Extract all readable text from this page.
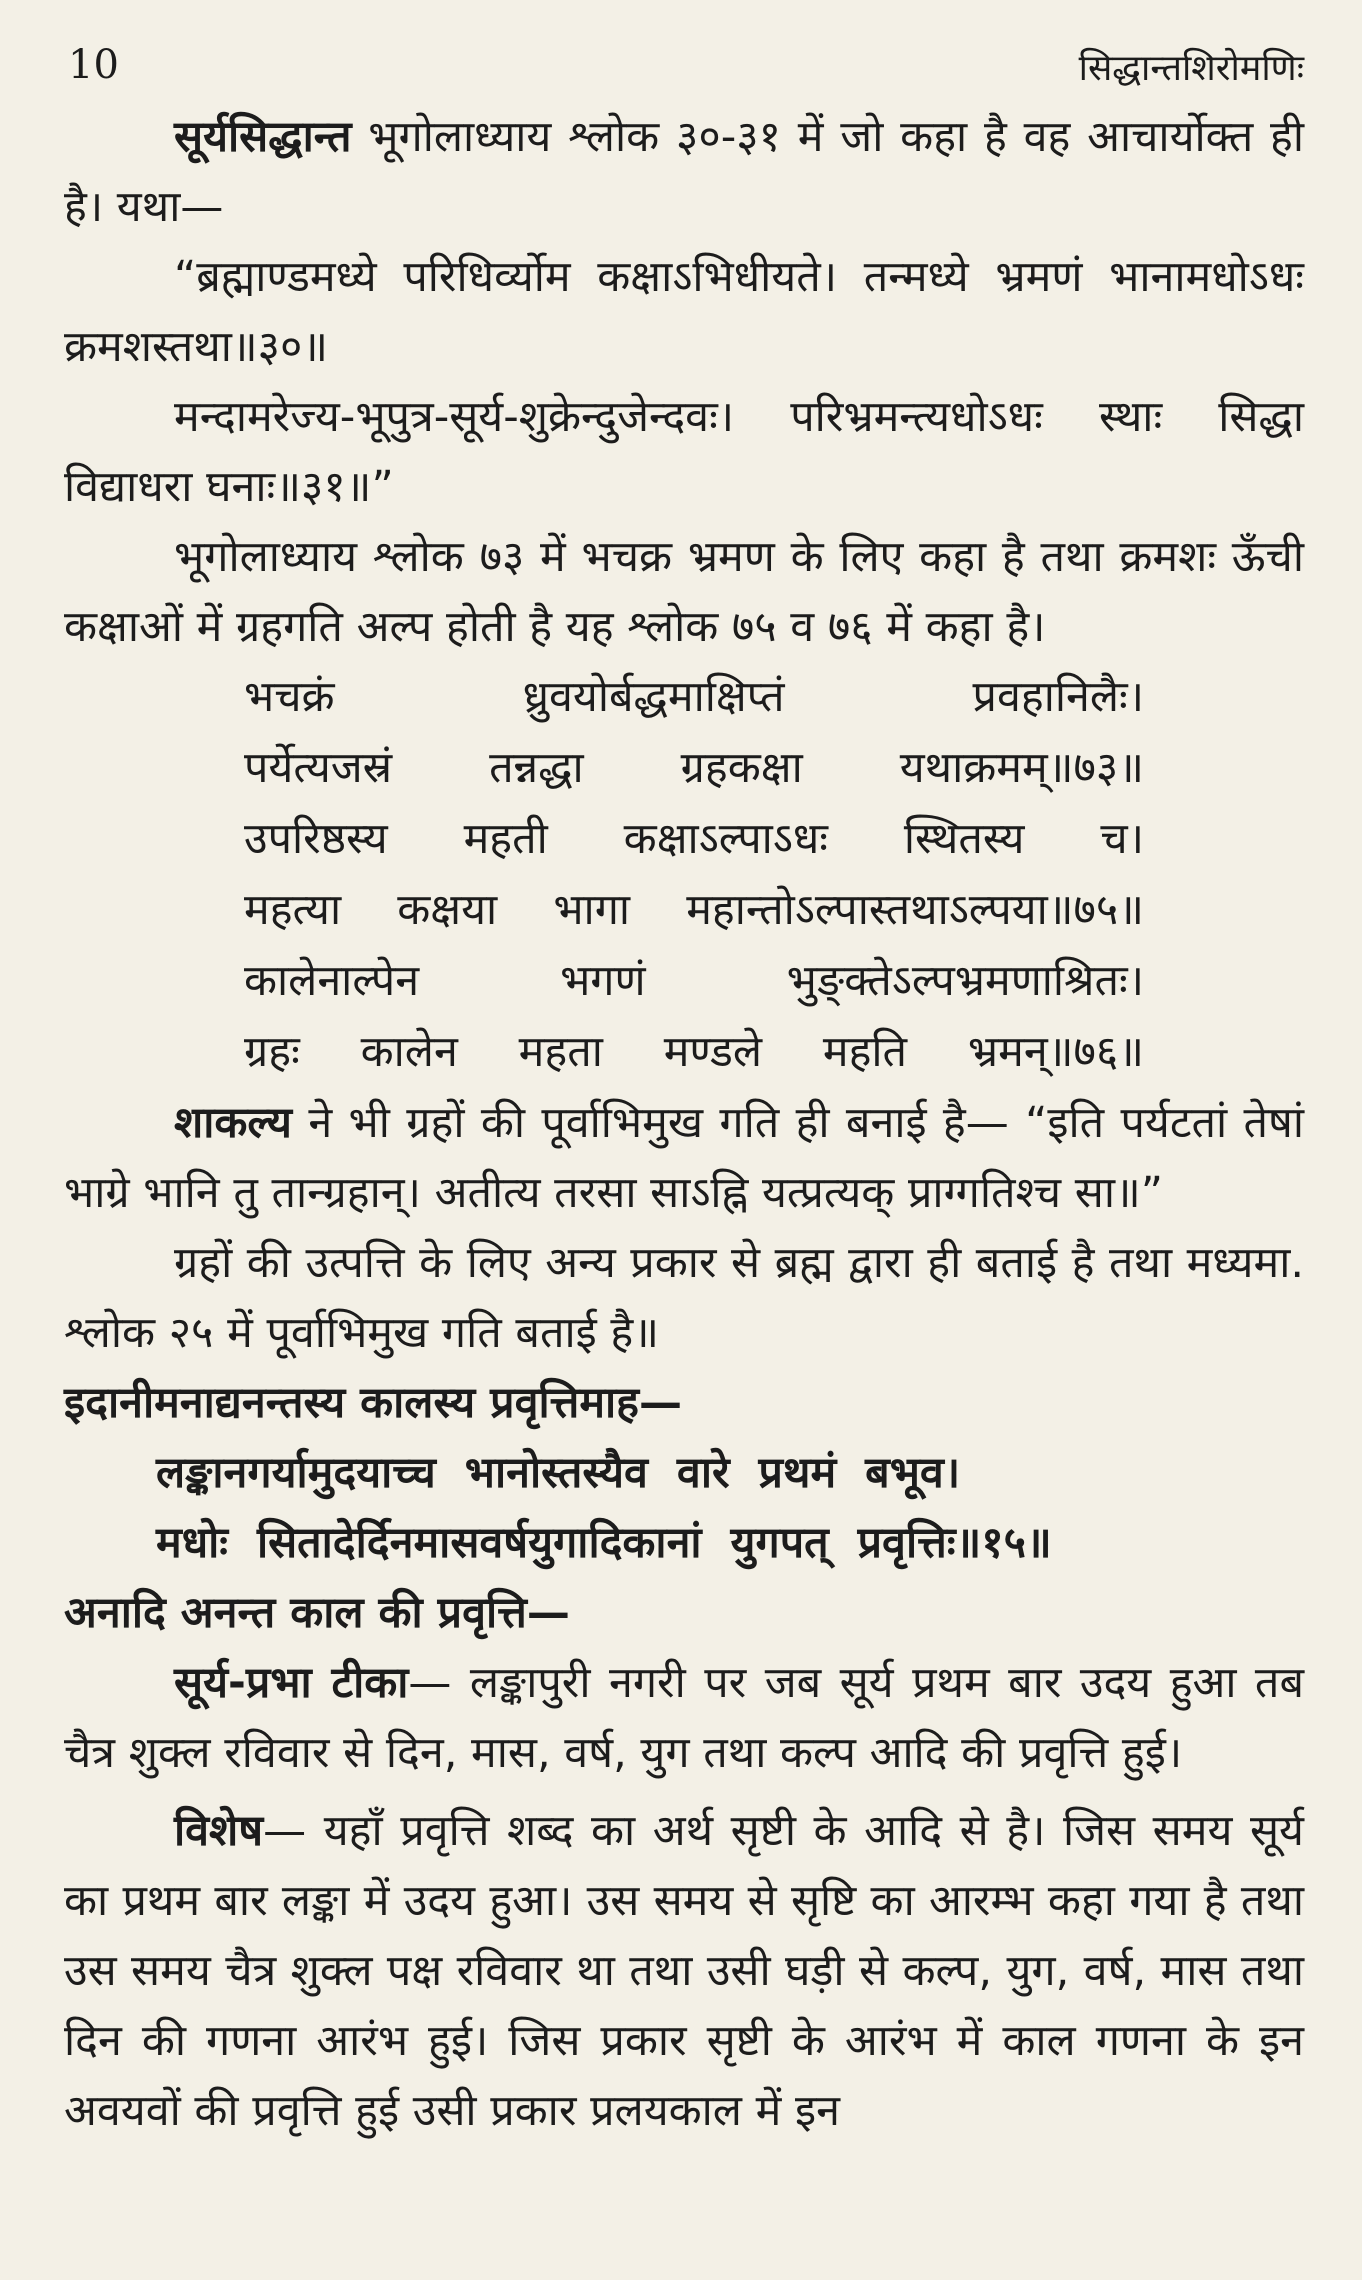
10	सिद्धान्तशिरोमणिः

सूर्यसिद्धान्त भूगोलाध्याय श्लोक ३०-३१ में जो कहा है वह आचार्योक्त ही है। यथा—

“ब्रह्माण्डमध्ये परिधिर्व्योम कक्षाऽभिधीयते। तन्मध्ये भ्रमणं भानामधोऽधः क्रमशस्तथा॥३०॥

मन्दामरेज्य-भूपुत्र-सूर्य-शुक्रेन्दुजेन्दवः। परिभ्रमन्त्यधोऽधः स्थाः सिद्धा विद्याधरा घनाः॥३१॥”

भूगोलाध्याय श्लोक ७३ में भचक्र भ्रमण के लिए कहा है तथा क्रमशः ऊँची कक्षाओं में ग्रहगति अल्प होती है यह श्लोक ७५ व ७६ में कहा है।

भचक्रं	ध्रुवयोर्बद्धमाक्षिप्तं	प्रवहानिलैः।
पर्येत्यजस्रं तन्नद्धा ग्रहकक्षा यथाक्रमम्॥७३॥
उपरिष्ठस्य महती कक्षाऽल्पाऽधः स्थितस्य च।
महत्या कक्षया भागा महान्तोऽल्पास्तथाऽल्पया॥७५॥
कालेनाल्पेन	भगणं	भुङ्क्तेऽल्पभ्रमणाश्रितः।
ग्रहः कालेन महता मण्डले महति भ्रमन्॥७६॥

शाकल्य ने भी ग्रहों की पूर्वाभिमुख गति ही बनाई है— “इति पर्यटतां तेषां भाग्रे भानि तु तान्ग्रहान्। अतीत्य तरसा साऽह्नि यत्प्रत्यक् प्राग्गतिश्च सा॥”

ग्रहों की उत्पत्ति के लिए अन्य प्रकार से ब्रह्म द्वारा ही बताई है तथा मध्यमा. श्लोक २५ में पूर्वाभिमुख गति बताई है॥

इदानीमनाद्यनन्तस्य कालस्य प्रवृत्तिमाह—

लङ्कानगर्यामुदयाच्च भानोस्तस्यैव वारे प्रथमं बभूव।
मधोः सितादेर्दिनमासवर्षयुगादिकानां युगपत् प्रवृत्तिः॥१५॥

अनादि अनन्त काल की प्रवृत्ति—

सूर्य-प्रभा टीका— लङ्कापुरी नगरी पर जब सूर्य प्रथम बार उदय हुआ तब चैत्र शुक्ल रविवार से दिन, मास, वर्ष, युग तथा कल्प आदि की प्रवृत्ति हुई।

विशेष— यहाँ प्रवृत्ति शब्द का अर्थ सृष्टी के आदि से है। जिस समय सूर्य का प्रथम बार लङ्का में उदय हुआ। उस समय से सृष्टि का आरम्भ कहा गया है तथा उस समय चैत्र शुक्ल पक्ष रविवार था तथा उसी घड़ी से कल्प, युग, वर्ष, मास तथा दिन की गणना आरंभ हुई। जिस प्रकार सृष्टी के आरंभ में काल गणना के इन अवयवों की प्रवृत्ति हुई उसी प्रकार प्रलयकाल में इन
